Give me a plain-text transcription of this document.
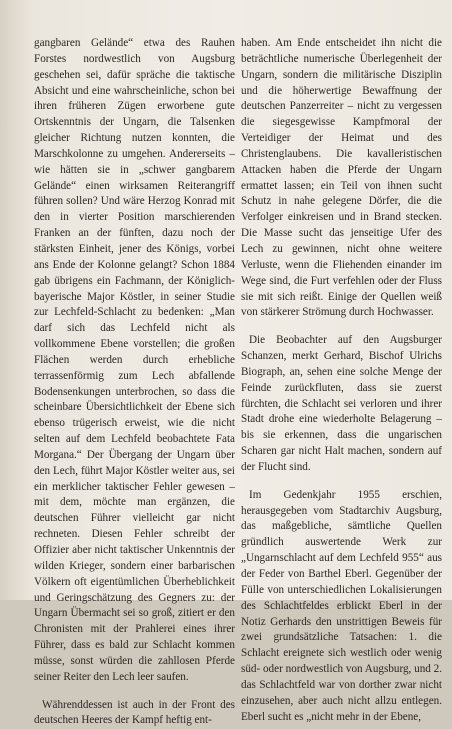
gangbaren Gelände“ etwa des Rauhen Forstes nordwestlich von Augsburg geschehen sei, dafür spräche die taktische Absicht und eine wahrscheinliche, schon bei ihren früheren Zügen erworbene gute Ortskenntnis der Ungarn, die Talsenken gleicher Richtung nutzen konnten, die Marschkolonne zu umgehen. Andererseits – wie hätten sie in „schwer gangbarem Gelände“ einen wirksamen Reiterangriff führen sollen? Und wäre Herzog Konrad mit den in vierter Position marschierenden Franken an der fünften, dazu noch der stärksten Einheit, jener des Königs, vorbei ans Ende der Kolonne gelangt? Schon 1884 gab übrigens ein Fachmann, der Königlich-bayerische Major Köstler, in seiner Studie zur Lechfeld-Schlacht zu bedenken: „Man darf sich das Lechfeld nicht als vollkommene Ebene vorstellen; die großen Flächen werden durch erhebliche terrassenförmig zum Lech abfallende Bodensenkungen unterbrochen, so dass die scheinbare Übersichtlichkeit der Ebene sich ebenso trügerisch erweist, wie die nicht selten auf dem Lechfeld beobachtete Fata Morgana.“ Der Übergang der Ungarn über den Lech, führt Major Köstler weiter aus, sei ein merklicher taktischer Fehler gewesen – mit dem, möchte man ergänzen, die deutschen Führer vielleicht gar nicht rechneten. Diesen Fehler schreibt der Offizier aber nicht taktischer Unkenntnis der wilden Krieger, sondern einer barbarischen Völkern oft eigentümlichen Überheblichkeit und Geringschätzung des Gegners zu: der Ungarn Übermacht sei so groß, zitiert er den Chronisten mit der Prahlerei eines ihrer Führer, dass es bald zur Schlacht kommen müsse, sonst würden die zahllosen Pferde seiner Reiter den Lech leer saufen.

Währenddessen ist auch in der Front des deutschen Heeres der Kampf heftig ent-

haben. Am Ende entscheidet ihn nicht die beträchtliche numerische Überlegenheit der Ungarn, sondern die militärische Disziplin und die höherwertige Bewaffnung der deutschen Panzerreiter – nicht zu vergessen die siegesgewisse Kampfmoral der Verteidiger der Heimat und des Christenglaubens. Die kavalleristischen Attacken haben die Pferde der Ungarn ermattet lassen; ein Teil von ihnen sucht Schutz in nahe gelegene Dörfer, die die Verfolger einkreisen und in Brand stecken. Die Masse sucht das jenseitige Ufer des Lech zu gewinnen, nicht ohne weitere Verluste, wenn die Fliehenden einander im Wege sind, die Furt verfehlen oder der Fluss sie mit sich reißt. Einige der Quellen weiß von stärkerer Strömung durch Hochwasser.

Die Beobachter auf den Augsburger Schanzen, merkt Gerhard, Bischof Ulrichs Biograph, an, sehen eine solche Menge der Feinde zurückfluten, dass sie zuerst fürchten, die Schlacht sei verloren und ihrer Stadt drohe eine wiederholte Belagerung – bis sie erkennen, dass die ungarischen Scharen gar nicht Halt machen, sondern auf der Flucht sind.

Im Gedenkjahr 1955 erschien, herausgegeben vom Stadtarchiv Augsburg, das maßgebliche, sämtliche Quellen gründlich auswertende Werk zur „Ungarnschlacht auf dem Lechfeld 955“ aus der Feder von Barthel Eberl. Gegenüber der Fülle von unterschiedlichen Lokalisierungen des Schlachtfeldes erblickt Eberl in der Notiz Gerhards den unstrittigen Beweis für zwei grundsätzliche Tatsachen: 1. die Schlacht ereignete sich westlich oder wenig süd- oder nordwestlich von Augsburg, und 2. das Schlachtfeld war von dorther zwar nicht einzusehen, aber auch nicht allzu entlegen. Eberl sucht es „nicht mehr in der Ebene,
